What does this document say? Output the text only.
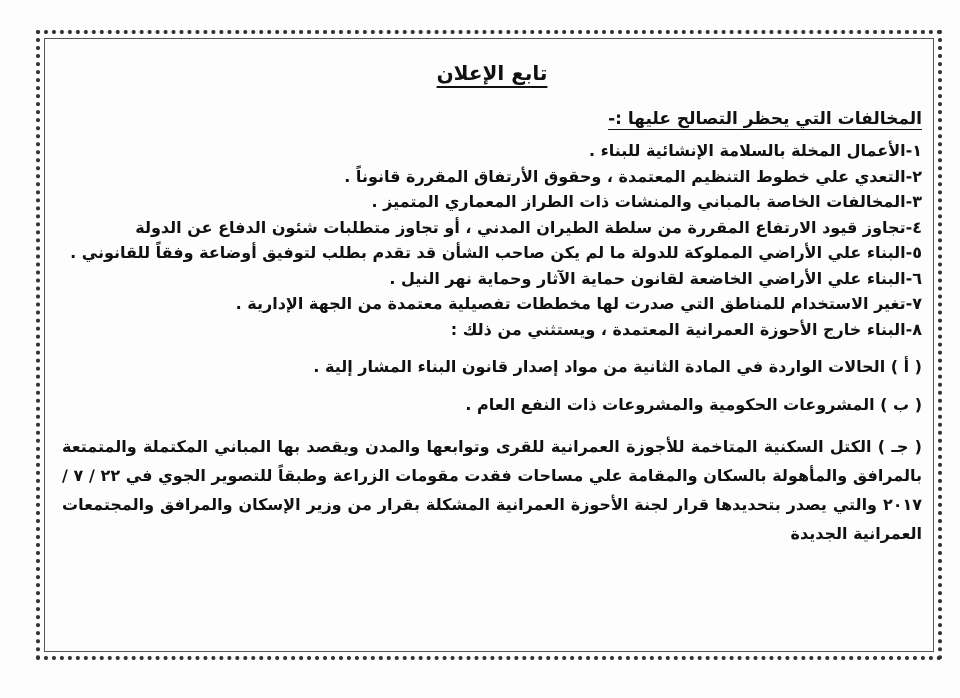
تابع الإعلان

المخالفات التي يحظر التصالح عليها :-

١-الأعمال المخلة بالسلامة الإنشائية للبناء .
٢-التعدي علي خطوط التنظيم المعتمدة ، وحقوق الأرتفاق المقررة قانوناً .
٣-المخالفات الخاصة بالمباني والمنشات ذات الطراز المعماري المتميز .
٤-تجاوز قيود الارتفاع المقررة من سلطة الطيران المدني ، أو تجاوز متطلبات شئون الدفاع عن الدولة
٥-البناء علي الأراضي المملوكة للدولة ما لم يكن صاحب الشأن قد تقدم بطلب لتوفيق أوضاعة وفقاً للقانوني .
٦-البناء علي الأراضي الخاضعة لقانون حماية الآثار وحماية نهر النيل .
٧-تغير الاستخدام للمناطق التي صدرت لها مخططات تفصيلية معتمدة من الجهة الإدارية .
٨-البناء خارج الأحوزة العمرانية المعتمدة ، ويستثني من ذلك :

( أ ) الحالات الواردة في المادة الثانية من مواد إصدار قانون البناء المشار إلية .

( ب ) المشروعات الحكومية والمشروعات ذات النفع العام .

( جـ ) الكتل السكنية المتاخمة للأجوزة العمرانية للقرى وتوابعها والمدن ويقصد بها المباني المكتملة والمتمتعة بالمرافق والمأهولة بالسكان والمقامة علي مساحات فقدت مقومات الزراعة وطبقاً للتصوير الجوي في ٢٢ / ٧ / ٢٠١٧ والتي يصدر بتحديدها قرار لجنة الأحوزة العمرانية المشكلة بقرار من وزير الإسكان والمرافق والمجتمعات العمرانية الجديدة
